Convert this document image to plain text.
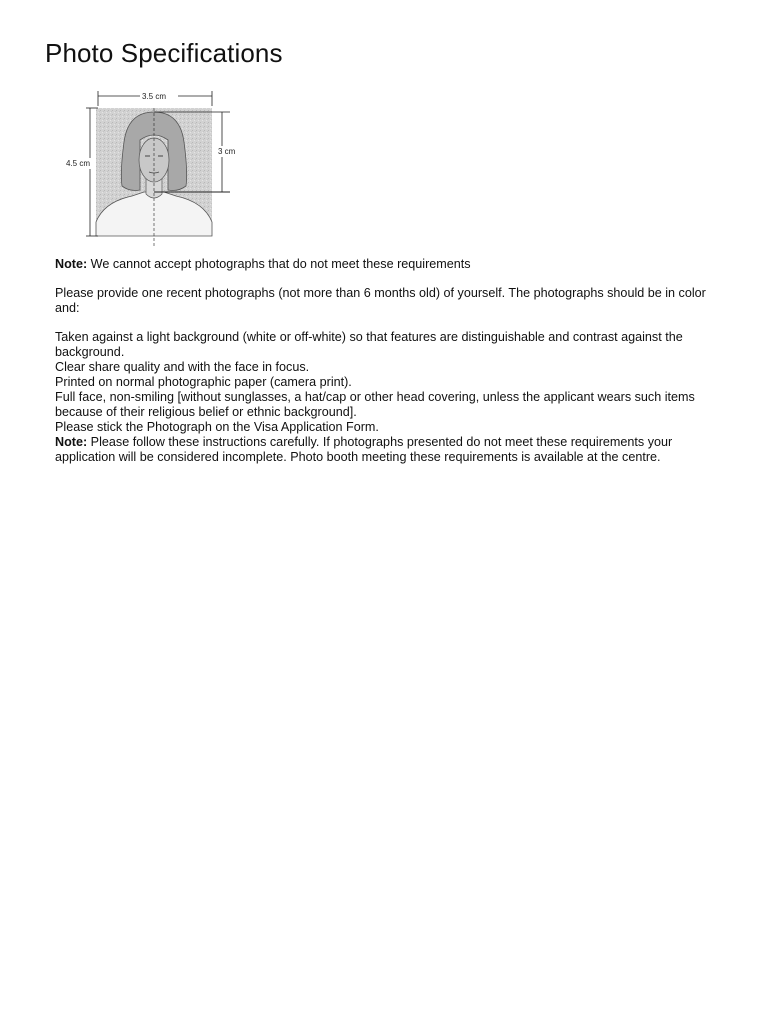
Photo Specifications
3.5 cm
4.5 cm
3 cm

Note: We cannot accept photographs that do not meet these requirements

Please provide one recent photographs (not more than 6 months old) of yourself. The photographs should be in color and:

Taken against a light background (white or off-white) so that features are distinguishable and contrast against the background.

Clear share quality and with the face in focus.

Printed on normal photographic paper (camera print).

Full face, non-smiling [without sunglasses, a hat/cap or other head covering, unless the applicant wears such items because of their religious belief or ethnic background].

Please stick the Photograph on the Visa Application Form.

Note: Please follow these instructions carefully. If photographs presented do not meet these requirements your application will be considered incomplete. Photo booth meeting these requirements is available at the centre.
